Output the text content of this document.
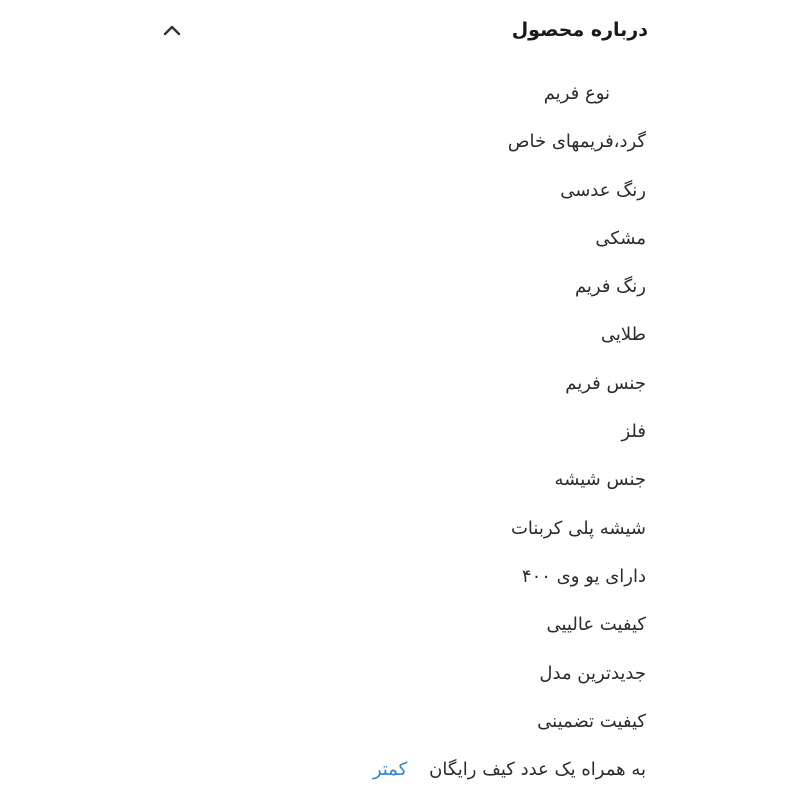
درباره محصول
نوع فریم
گرد،فریمهای خاص
رنگ عدسی
مشکی
رنگ فریم
طلایی
جنس فریم
فلز
جنس شیشه
شیشه پلی کربنات
دارای یو وی ۴۰۰
کیفیت عالییی
جدیدترین مدل
کیفیت تضمینی
به همراه یک عدد کیف رایگان
کمتر
